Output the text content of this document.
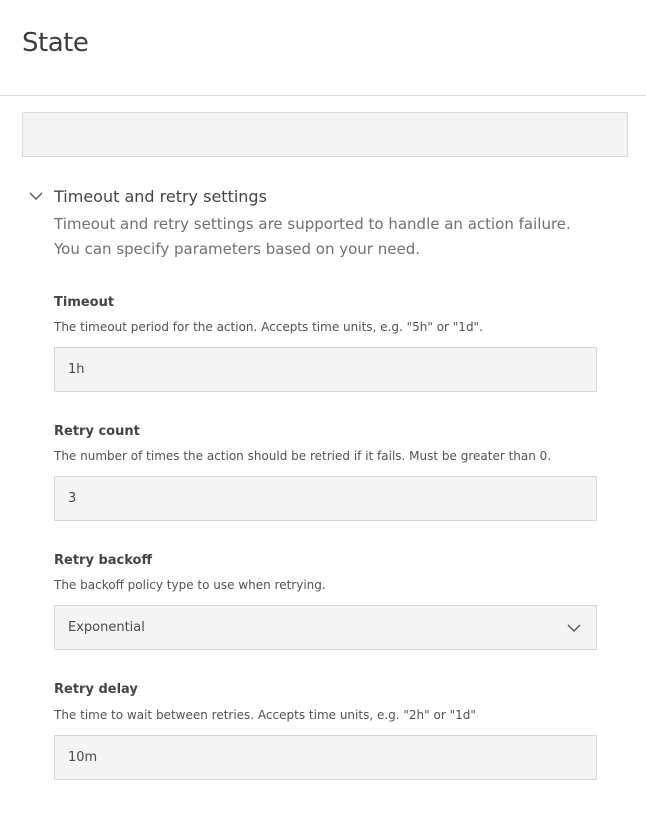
State
Timeout and retry settings
Timeout and retry settings are supported to handle an action failure. You can specify parameters based on your need.
Timeout
The timeout period for the action. Accepts time units, e.g. "5h" or "1d".
1h
Retry count
The number of times the action should be retried if it fails. Must be greater than 0.
3
Retry backoff
The backoff policy type to use when retrying.
Exponential
Retry delay
The time to wait between retries. Accepts time units, e.g. "2h" or "1d"
10m
